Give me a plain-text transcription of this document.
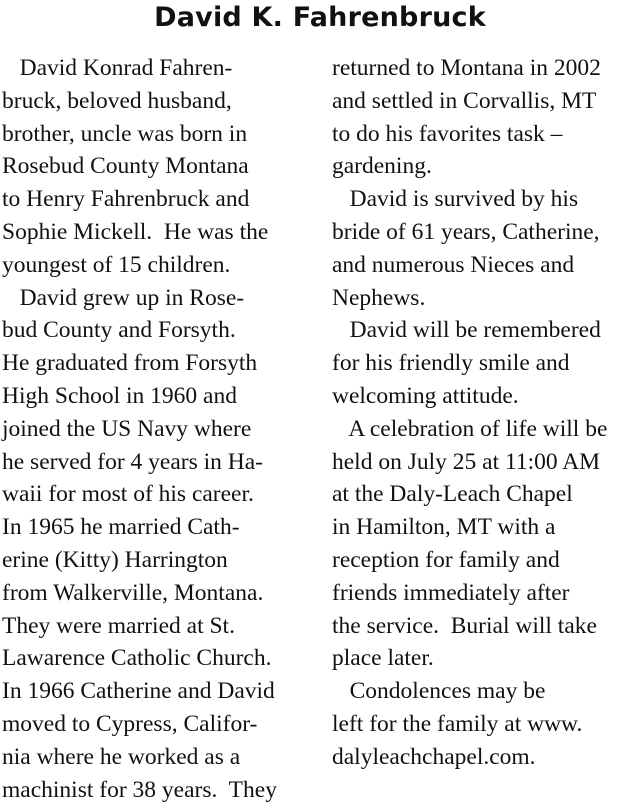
David K. Fahrenbruck
David Konrad Fahren-
bruck, beloved husband,
brother, uncle was born in
Rosebud County Montana
to Henry Fahrenbruck and
Sophie Mickell.  He was the
youngest of 15 children.
David grew up in Rose-
bud County and Forsyth.
He graduated from Forsyth
High School in 1960 and
joined the US Navy where
he served for 4 years in Ha-
waii for most of his career.
In 1965 he married Cath-
erine (Kitty) Harrington
from Walkerville, Montana.
They were married at St.
Lawarence Catholic Church.
In 1966 Catherine and David
moved to Cypress, Califor-
nia where he worked as a
machinist for 38 years.  They
returned to Montana in 2002
and settled in Corvallis, MT
to do his favorites task –
gardening.
David is survived by his
bride of 61 years, Catherine,
and numerous Nieces and
Nephews.
David will be remembered
for his friendly smile and
welcoming attitude.
A celebration of life will be
held on July 25 at 11:00 AM
at the Daly-Leach Chapel
in Hamilton, MT with a
reception for family and
friends immediately after
the service.  Burial will take
place later.
Condolences may be
left for the family at www.
dalyleachchapel.com.
